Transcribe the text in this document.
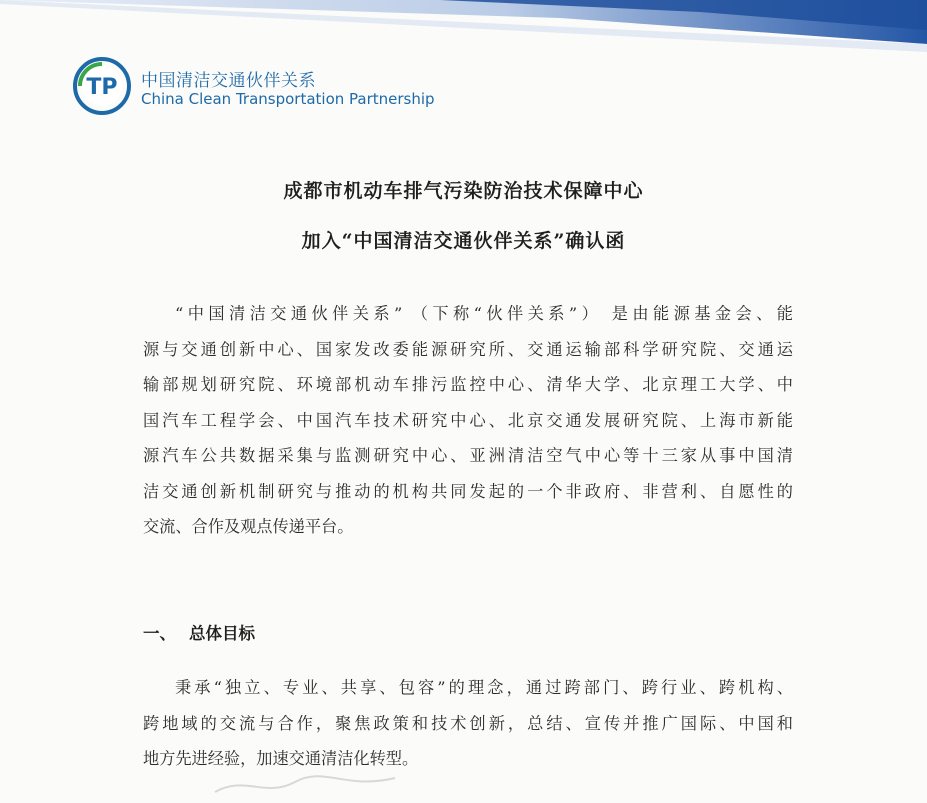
TP 中国清洁交通伙伴关系
China Clean Transportation Partnership
成都市机动车排气污染防治技术保障中心
加入“中国清洁交通伙伴关系”确认函
“中国清洁交通伙伴关系” （下称“伙伴关系”） 是由能源基金会、能
源与交通创新中心、国家发改委能源研究所、交通运输部科学研究院、交通运
输部规划研究院、环境部机动车排污监控中心、清华大学、北京理工大学、中
国汽车工程学会、中国汽车技术研究中心、北京交通发展研究院、上海市新能
源汽车公共数据采集与监测研究中心、亚洲清洁空气中心等十三家从事中国清
洁交通创新机制研究与推动的机构共同发起的一个非政府、非营利、自愿性的
交流、合作及观点传递平台。
一、 总体目标
秉承“独立、专业、共享、包容”的理念，通过跨部门、跨行业、跨机构、
跨地域的交流与合作，聚焦政策和技术创新，总结、宣传并推广国际、中国和
地方先进经验，加速交通清洁化转型。
